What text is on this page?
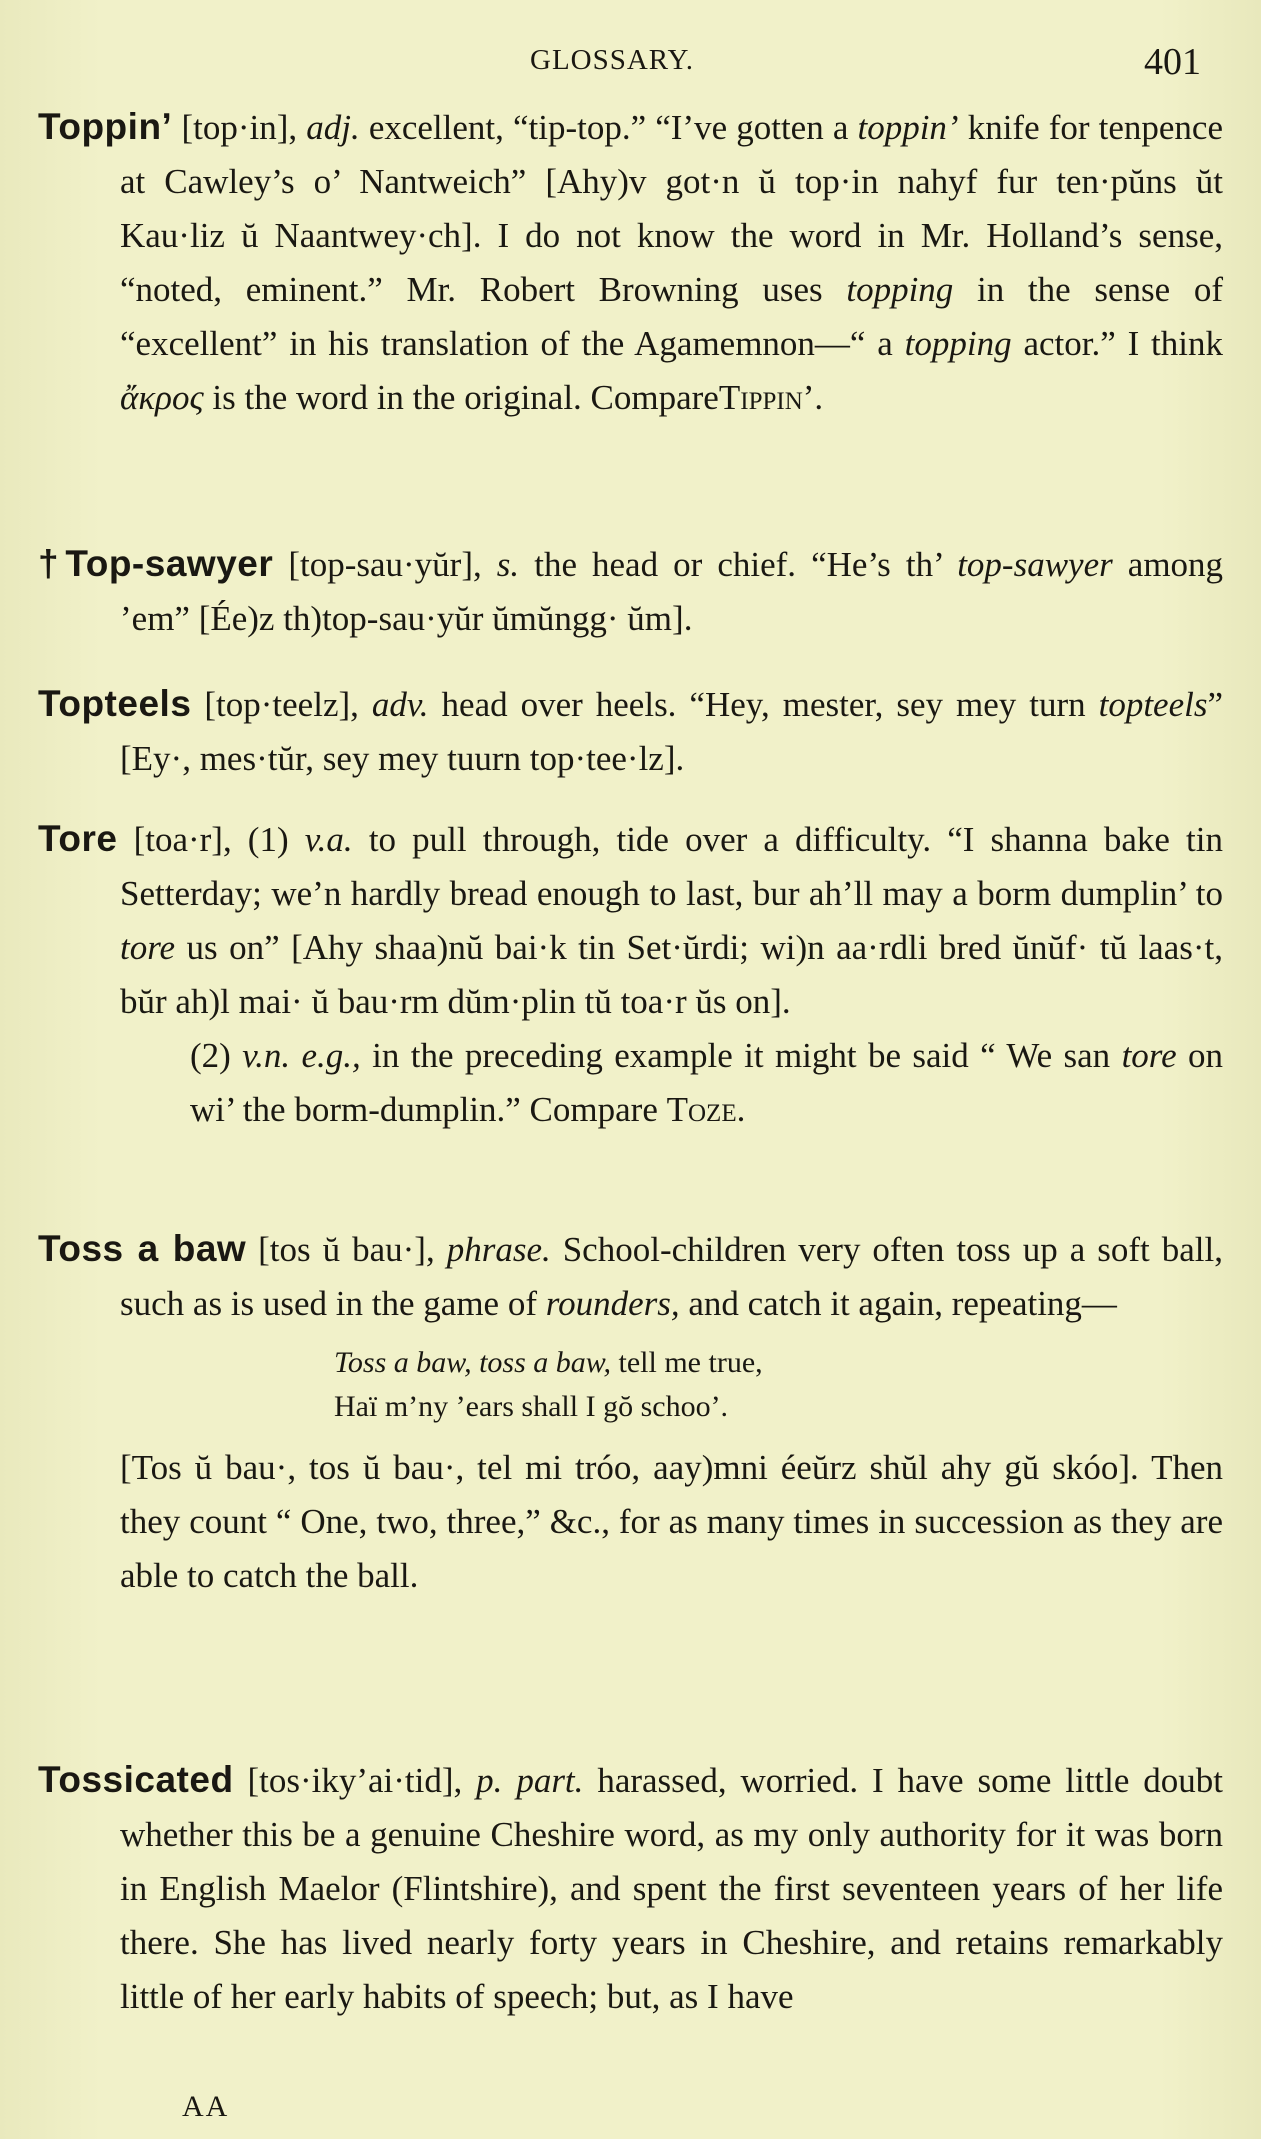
GLOSSARY.	401

Toppin’ [top·in], adj. excellent, “tip-top.” “I’ve gotten a toppin’ knife for tenpence at Cawley’s o’ Nantweich” [Ahy)v got·n ŭ top·in nahyf fur ten·pŭns ŭt Kau·liz ŭ Naantwey·ch]. I do not know the word in Mr. Holland’s sense, “noted, eminent.” Mr. Robert Browning uses topping in the sense of “excellent” in his translation of the Agamemnon—“ a topping actor.” I think ἄκρος is the word in the original. CompareTippin’.

†Top-sawyer [top-sau·yŭr], s. the head or chief. “He’s th’ top-sawyer among ’em” [Ée)z th)top-sau·yŭr ŭmŭngg· ŭm].

Topteels [top·teelz], adv. head over heels. “Hey, mester, sey mey turn topteels” [Ey·, mes·tŭr, sey mey tuurn top·tee·lz].

Tore [toa·r], (1) v.a. to pull through, tide over a difficulty. “I shanna bake tin Setterday; we’n hardly bread enough to last, bur ah’ll may a borm dumplin’ to tore us on” [Ahy shaa)nŭ bai·k tin Set·ŭrdi; wi)n aa·rdli bred ŭnŭf· tŭ laas·t, bŭr ah)l mai· ŭ bau·rm dŭm·plin tŭ toa·r ŭs on].
(2) v.n. e.g., in the preceding example it might be said “ We san tore on wi’ the borm-dumplin.” Compare Toze.

Toss a baw [tos ŭ bau·], phrase. School-children very often toss up a soft ball, such as is used in the game of rounders, and catch it again, repeating—
Toss a baw, toss a baw, tell me true,
Haï m’ny ’ears shall I gŏ schoo’.
[Tos ŭ bau·, tos ŭ bau·, tel mi tróo, aay)mni éeŭrz shŭl ahy gŭ skóo]. Then they count “ One, two, three,” &c., for as many times in succession as they are able to catch the ball.

Tossicated [tos·iky’ai·tid], p. part. harassed, worried. I have some little doubt whether this be a genuine Cheshire word, as my only authority for it was born in English Maelor (Flintshire), and spent the first seventeen years of her life there. She has lived nearly forty years in Cheshire, and retains remarkably little of her early habits of speech; but, as I have

AA
